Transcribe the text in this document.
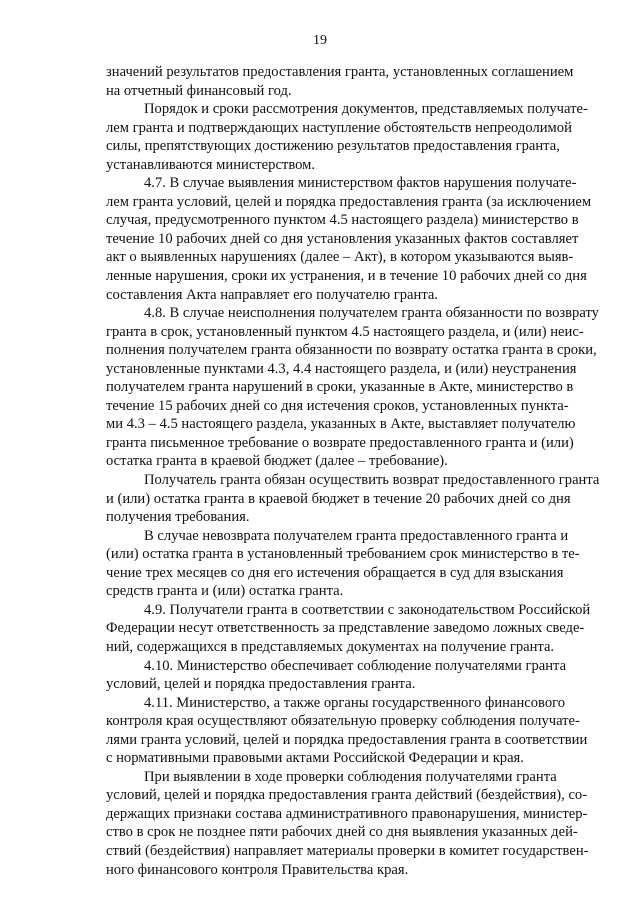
19
значений результатов предоставления гранта, установленных соглашением
на отчетный финансовый год.
Порядок и сроки рассмотрения документов, представляемых получате-
лем гранта и подтверждающих наступление обстоятельств непреодолимой
силы, препятствующих достижению результатов предоставления гранта,
устанавливаются министерством.
4.7. В случае выявления министерством фактов нарушения получате-
лем гранта условий, целей и порядка предоставления гранта (за исключением
случая, предусмотренного пунктом 4.5 настоящего раздела) министерство в
течение 10 рабочих дней со дня установления указанных фактов составляет
акт о выявленных нарушениях (далее – Акт), в котором указываются выяв-
ленные нарушения, сроки их устранения, и в течение 10 рабочих дней со дня
составления Акта направляет его получателю гранта.
4.8. В случае неисполнения получателем гранта обязанности по возврату
гранта в срок, установленный пунктом 4.5 настоящего раздела, и (или) неис-
полнения получателем гранта обязанности по возврату остатка гранта в сроки,
установленные пунктами 4.3, 4.4 настоящего раздела, и (или) неустранения
получателем гранта нарушений в сроки, указанные в Акте, министерство в
течение 15 рабочих дней со дня истечения сроков, установленных пункта-
ми 4.3 – 4.5 настоящего раздела, указанных в Акте, выставляет получателю
гранта письменное требование о возврате предоставленного гранта и (или)
остатка гранта в краевой бюджет (далее – требование).
Получатель гранта обязан осуществить возврат предоставленного гранта
и (или) остатка гранта в краевой бюджет в течение 20 рабочих дней со дня
получения требования.
В случае невозврата получателем гранта предоставленного гранта и
(или) остатка гранта в установленный требованием срок министерство в те-
чение трех месяцев со дня его истечения обращается в суд для взыскания
средств гранта и (или) остатка гранта.
4.9. Получатели гранта в соответствии с законодательством Российской
Федерации несут ответственность за представление заведомо ложных сведе-
ний, содержащихся в представляемых документах на получение гранта.
4.10. Министерство обеспечивает соблюдение получателями гранта
условий, целей и порядка предоставления гранта.
4.11. Министерство, а также органы государственного финансового
контроля края осуществляют обязательную проверку соблюдения получате-
лями гранта условий, целей и порядка предоставления гранта в соответствии
с нормативными правовыми актами Российской Федерации и края.
При выявлении в ходе проверки соблюдения получателями гранта
условий, целей и порядка предоставления гранта действий (бездействия), со-
держащих признаки состава административного правонарушения, министер-
ство в срок не позднее пяти рабочих дней со дня выявления указанных дей-
ствий (бездействия) направляет материалы проверки в комитет государствен-
ного финансового контроля Правительства края.
